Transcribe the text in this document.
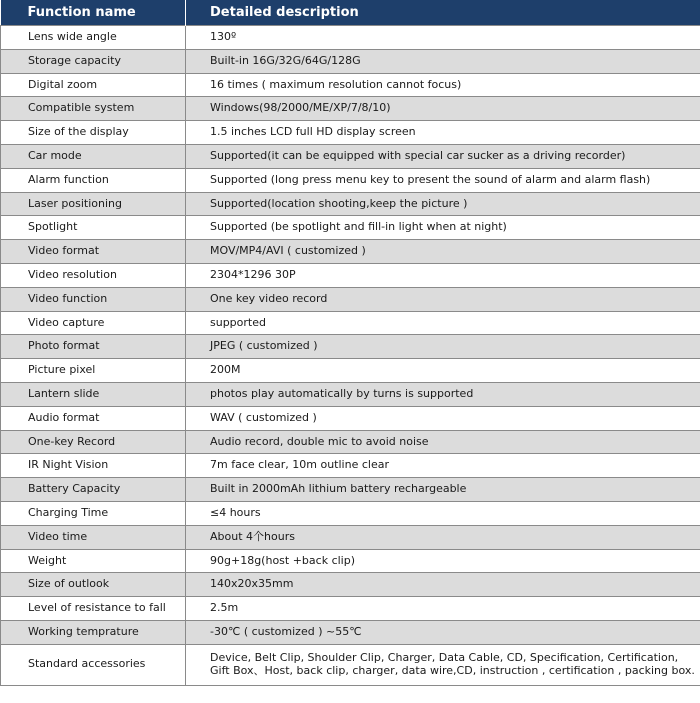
Function name	Detailed description
Lens wide angle	130º
Storage capacity	Built-in 16G/32G/64G/128G
Digital zoom	16 times ( maximum resolution cannot focus)
Compatible system	Windows(98/2000/ME/XP/7/8/10)
Size of the display	1.5 inches LCD full HD display screen
Car mode	Supported(it can be equipped with special car sucker as a driving recorder)
Alarm function	Supported (long press menu key to present the sound of alarm and alarm flash)
Laser positioning	Supported(location shooting,keep the picture )
Spotlight	Supported (be spotlight and fill-in light when at night)
Video format	MOV/MP4/AVI ( customized )
Video resolution	2304*1296 30P
Video function	One key video record
Video capture	supported
Photo format	JPEG ( customized )
Picture pixel	200M
Lantern slide	photos play automatically by turns is supported
Audio format	WAV ( customized )
One-key Record	Audio record, double mic to avoid noise
IR Night Vision	7m face clear, 10m outline clear
Battery Capacity	Built in 2000mAh lithium battery rechargeable
Charging Time	≤4 hours
Video time	About 4个hours
Weight	90g+18g(host +back clip)
Size of outlook	140x20x35mm
Level of resistance to fall	2.5m
Working temprature	-30℃ ( customized ) ~55℃
Standard accessories	Device, Belt Clip, Shoulder Clip, Charger, Data Cable, CD, Specification, Certification, Gift Box、Host, back clip, charger, data wire,CD, instruction , certification , packing box.
